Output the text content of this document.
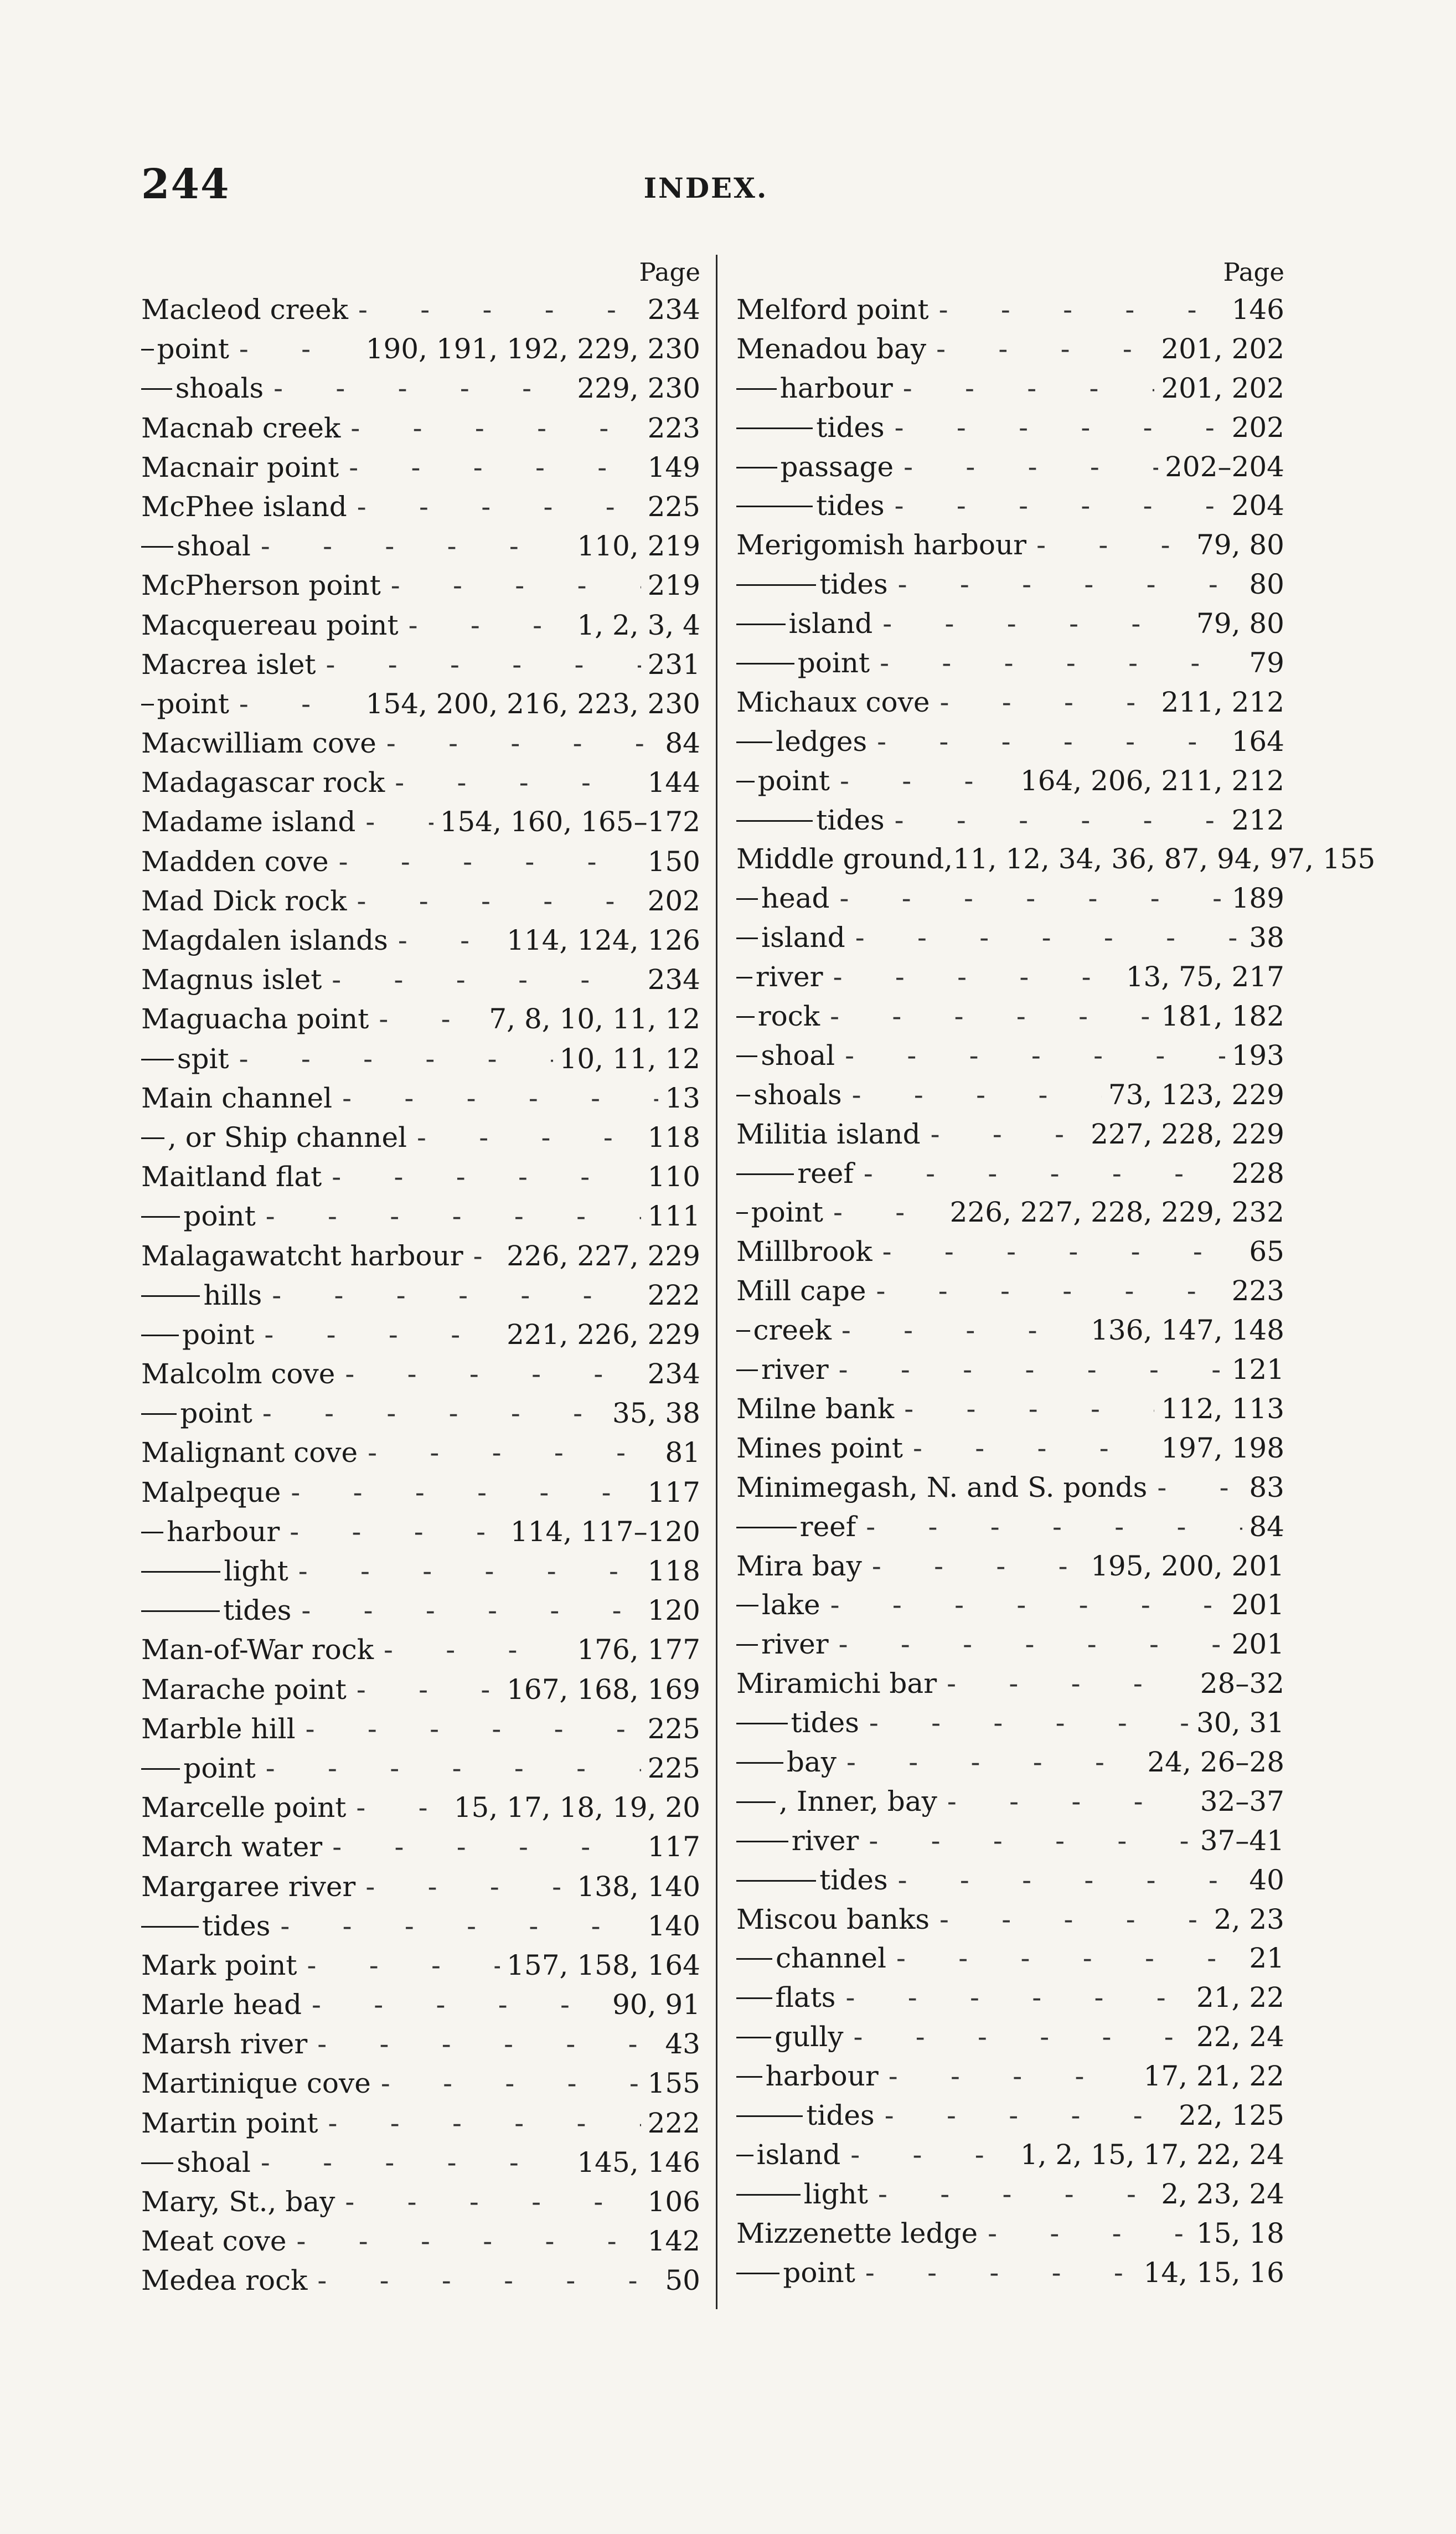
244	INDEX.
Page
Macleod creek -	234
point -	190, 191, 192, 229, 230
shoals -	229, 230
Macnab creek -	223
Macnair point -	149
McPhee island -	225
shoal -	110, 219
McPherson point -	219
Macquereau point -	1, 2, 3, 4
Macrea islet -	231
point -	154, 200, 216, 223, 230
Macwilliam cove -	84
Madagascar rock -	144
Madame island -	154, 160, 165–172
Madden cove -	150
Mad Dick rock -	202
Magdalen islands -	114, 124, 126
Magnus islet -	234
Maguacha point -	7, 8, 10, 11, 12
spit -	10, 11, 12
Main channel -	13
, or Ship channel -	118
Maitland flat -	110
point -	111
Malagawatcht harbour - 226, 227, 229
hills -	222
point -	221, 226, 229
Malcolm cove -	234
point -	35, 38
Malignant cove -	81
Malpeque -	117
harbour -	114, 117–120
light -	118
tides -	120
Man-of-War rock -	176, 177
Marache point -	167, 168, 169
Marble hill -	225
point -	225
Marcelle point -	15, 17, 18, 19, 20
March water -	117
Margaree river -	138, 140
tides -	140
Mark point -	157, 158, 164
Marle head -	90, 91
Marsh river -	43
Martinique cove -	155
Martin point -	222
shoal -	145, 146
Mary, St., bay -	106
Meat cove -	142
Medea rock -	50
Page
Melford point -	146
Menadou bay -	201, 202
harbour -	201, 202
tides -	202
passage -	202–204
tides -	204
Merigomish harbour -	79, 80
tides -	80
island -	79, 80
point -	79
Michaux cove -	211, 212
ledges -	164
point -	164, 206, 211, 212
tides -	212
Middle ground,11, 12, 34, 36, 87, 94, 97, 155
head -	189
island -	38
river -	13, 75, 217
rock -	181, 182
shoal -	193
shoals -	73, 123, 229
Militia island -	227, 228, 229
reef -	228
point -	226, 227, 228, 229, 232
Millbrook -	65
Mill cape -	223
creek -	136, 147, 148
river -	121
Milne bank -	112, 113
Mines point -	197, 198
Minimegash, N. and S. ponds -	83
reef -	84
Mira bay -	195, 200, 201
lake -	201
river -	201
Miramichi bar -	28–32
tides -	30, 31
bay -	24, 26–28
, Inner, bay -	32–37
river -	37–41
tides -	40
Miscou banks -	2, 23
channel -	21
flats -	21, 22
gully -	22, 24
harbour -	17, 21, 22
tides -	22, 125
island -	1, 2, 15, 17, 22, 24
light -	2, 23, 24
Mizzenette ledge -	15, 18
point -	14, 15, 16
